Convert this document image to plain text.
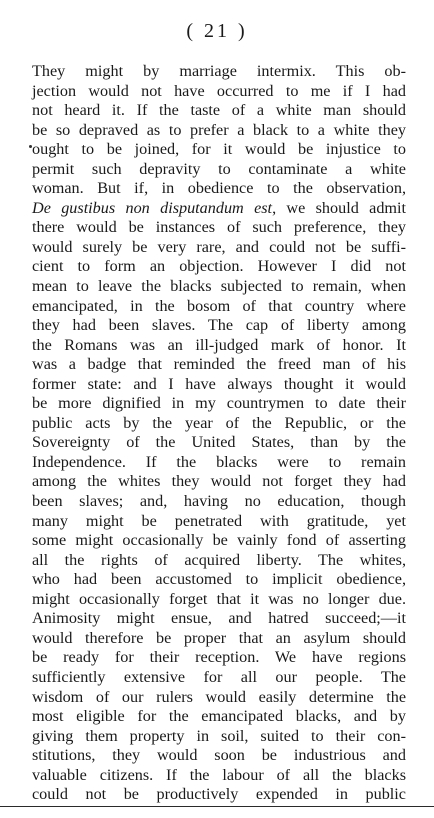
( 21 )
They might by marriage intermix. This ob-
jection would not have occurred to me if I had
not heard it. If the taste of a white man should
be so depraved as to prefer a black to a white they
ought to be joined, for it would be injustice to
permit such depravity to contaminate a white
woman. But if, in obedience to the observation,
De gustibus non disputandum est, we should admit
there would be instances of such preference, they
would surely be very rare, and could not be suffi-
cient to form an objection. However I did not
mean to leave the blacks subjected to remain, when
emancipated, in the bosom of that country where
they had been slaves. The cap of liberty among
the Romans was an ill-judged mark of honor. It
was a badge that reminded the freed man of his
former state: and I have always thought it would
be more dignified in my countrymen to date their
public acts by the year of the Republic, or the
Sovereignty of the United States, than by the
Independence. If the blacks were to remain
among the whites they would not forget they had
been slaves; and, having no education, though
many might be penetrated with gratitude, yet
some might occasionally be vainly fond of asserting
all the rights of acquired liberty. The whites,
who had been accustomed to implicit obedience,
might occasionally forget that it was no longer due.
Animosity might ensue, and hatred succeed;—it
would therefore be proper that an asylum should
be ready for their reception. We have regions
sufficiently extensive for all our people. The
wisdom of our rulers would easily determine the
most eligible for the emancipated blacks, and by
giving them property in soil, suited to their con-
stitutions, they would soon be industrious and
valuable citizens. If the labour of all the blacks
could not be productively expended in public
